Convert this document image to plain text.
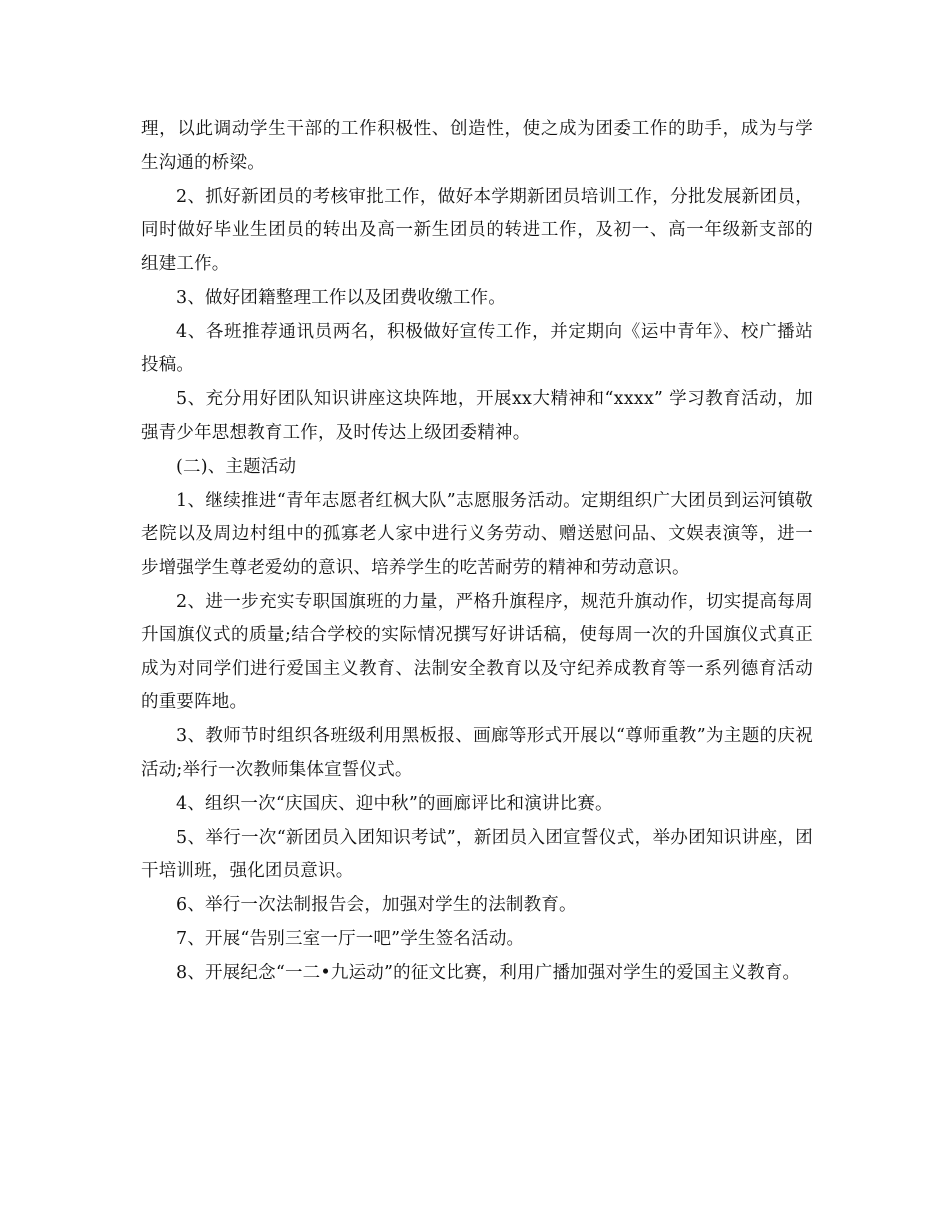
理，以此调动学生干部的工作积极性、创造性，使之成为团委工作的助手，成为与学生沟通的桥梁。

2、抓好新团员的考核审批工作，做好本学期新团员培训工作，分批发展新团员，同时做好毕业生团员的转出及高一新生团员的转进工作，及初一、高一年级新支部的组建工作。

3、做好团籍整理工作以及团费收缴工作。

4、各班推荐通讯员两名，积极做好宣传工作，并定期向《运中青年》、校广播站投稿。

5、充分用好团队知识讲座这块阵地，开展xx大精神和“xxxx” 学习教育活动，加强青少年思想教育工作，及时传达上级团委精神。

(二)、主题活动

1、继续推进“青年志愿者红枫大队”志愿服务活动。定期组织广大团员到运河镇敬老院以及周边村组中的孤寡老人家中进行义务劳动、赠送慰问品、文娱表演等，进一步增强学生尊老爱幼的意识、培养学生的吃苦耐劳的精神和劳动意识。

2、进一步充实专职国旗班的力量，严格升旗程序，规范升旗动作，切实提高每周升国旗仪式的质量;结合学校的实际情况撰写好讲话稿，使每周一次的升国旗仪式真正成为对同学们进行爱国主义教育、法制安全教育以及守纪养成教育等一系列德育活动的重要阵地。

3、教师节时组织各班级利用黑板报、画廊等形式开展以“尊师重教”为主题的庆祝活动;举行一次教师集体宣誓仪式。

4、组织一次“庆国庆、迎中秋”的画廊评比和演讲比赛。

5、举行一次“新团员入团知识考试”，新团员入团宣誓仪式，举办团知识讲座，团干培训班，强化团员意识。

6、举行一次法制报告会，加强对学生的法制教育。

7、开展“告别三室一厅一吧”学生签名活动。

8、开展纪念“一二•九运动”的征文比赛，利用广播加强对学生的爱国主义教育。
